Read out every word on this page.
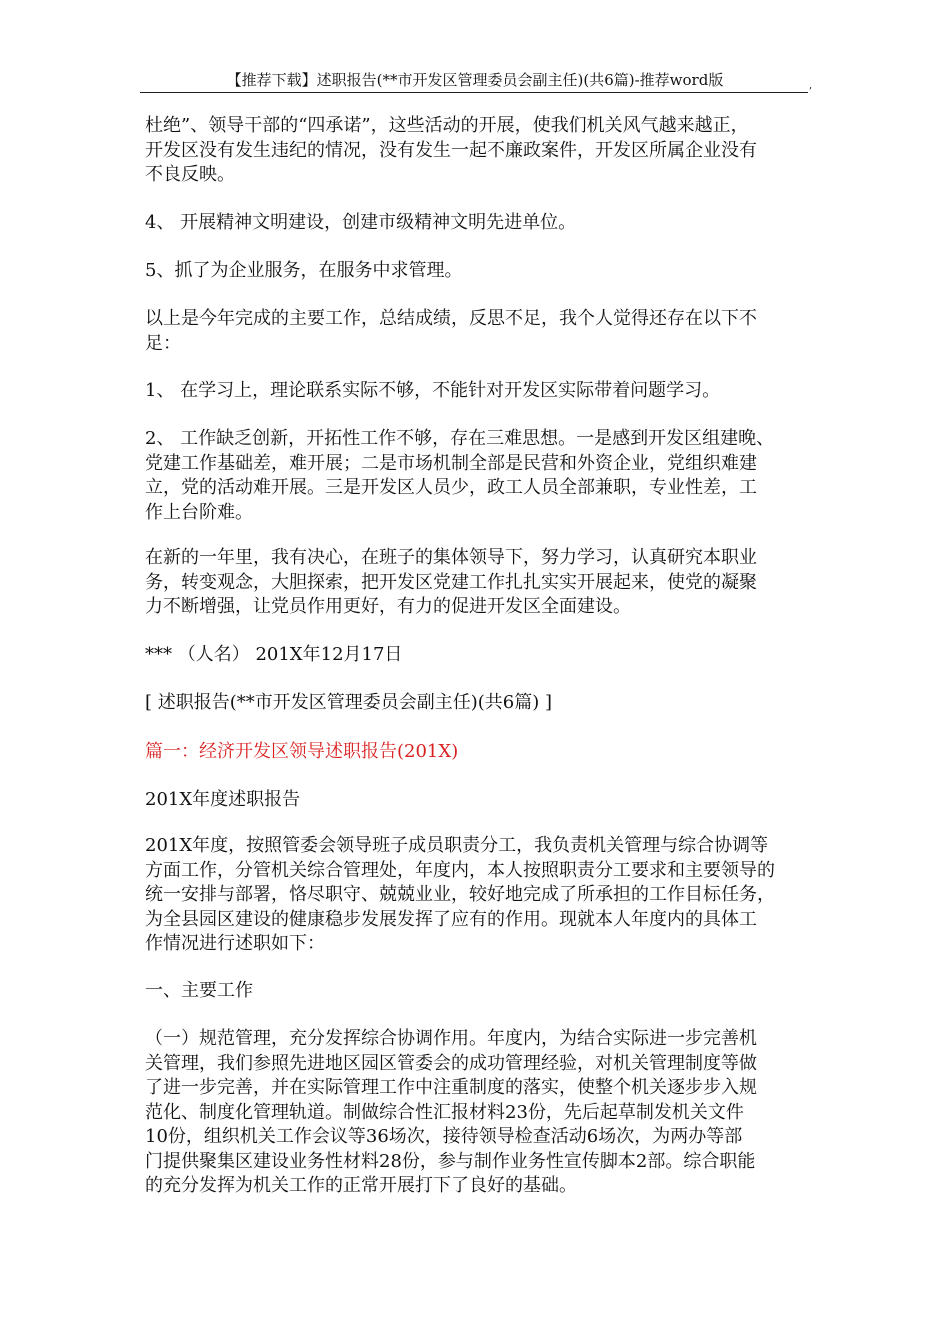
【推荐下载】述职报告(**市开发区管理委员会副主任)(共6篇)-推荐word版	,
杜绝”、领导干部的“四承诺”，这些活动的开展，使我们机关风气越来越正，
开发区没有发生违纪的情况，没有发生一起不廉政案件，开发区所属企业没有
不良反映。
4、 开展精神文明建设，创建市级精神文明先进单位。
5、抓了为企业服务，在服务中求管理。
以上是今年完成的主要工作，总结成绩，反思不足，我个人觉得还存在以下不
足：
1、 在学习上，理论联系实际不够，不能针对开发区实际带着问题学习。
2、 工作缺乏创新，开拓性工作不够，存在三难思想。一是感到开发区组建晚、
党建工作基础差，难开展；二是市场机制全部是民营和外资企业，党组织难建
立，党的活动难开展。三是开发区人员少，政工人员全部兼职，专业性差，工
作上台阶难。
在新的一年里，我有决心，在班子的集体领导下，努力学习，认真研究本职业
务，转变观念，大胆探索，把开发区党建工作扎扎实实开展起来，使党的凝聚
力不断增强，让党员作用更好，有力的促进开发区全面建设。
*** （人名） 201X年12月17日
[ 述职报告(**市开发区管理委员会副主任)(共6篇) ]
篇一：经济开发区领导述职报告(201X)
201X年度述职报告
201X年度，按照管委会领导班子成员职责分工，我负责机关管理与综合协调等
方面工作，分管机关综合管理处，年度内，本人按照职责分工要求和主要领导的
统一安排与部署，恪尽职守、兢兢业业，较好地完成了所承担的工作目标任务，
为全县园区建设的健康稳步发展发挥了应有的作用。现就本人年度内的具体工
作情况进行述职如下：
一、主要工作
（一）规范管理，充分发挥综合协调作用。年度内，为结合实际进一步完善机
关管理，我们参照先进地区园区管委会的成功管理经验，对机关管理制度等做
了进一步完善，并在实际管理工作中注重制度的落实，使整个机关逐步步入规
范化、制度化管理轨道。制做综合性汇报材料23份，先后起草制发机关文件
10份，组织机关工作会议等36场次，接待领导检查活动6场次，为两办等部
门提供聚集区建设业务性材料28份，参与制作业务性宣传脚本2部。综合职能
的充分发挥为机关工作的正常开展打下了良好的基础。
